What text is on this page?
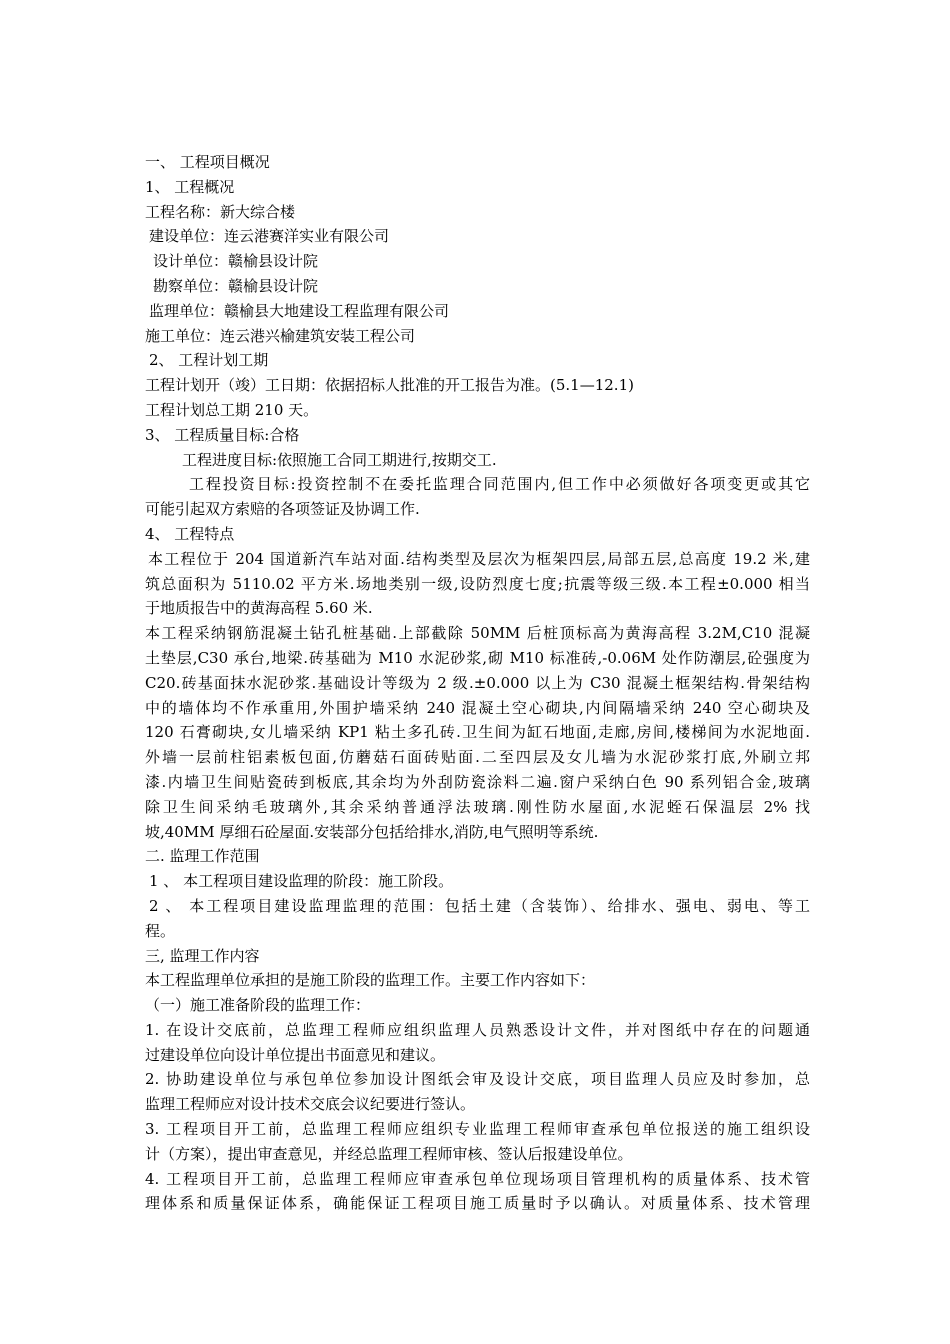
一、 工程项目概况
1、 工程概况
工程名称：新大综合楼
建设单位：连云港赛洋实业有限公司
设计单位：赣榆县设计院
勘察单位：赣榆县设计院
监理单位：赣榆县大地建设工程监理有限公司
施工单位：连云港兴榆建筑安装工程公司
2、 工程计划工期
工程计划开（竣）工日期：依据招标人批准的开工报告为准。(5.1—12.1)
工程计划总工期 210 天。
3、 工程质量目标:合格
工程进度目标:依照施工合同工期进行,按期交工.
工程投资目标:投资控制不在委托监理合同范围内,但工作中必须做好各项变更或其它
可能引起双方索赔的各项签证及协调工作.
4、 工程特点
本工程位于 204 国道新汽车站对面.结构类型及层次为框架四层,局部五层,总高度 19.2 米,建
筑总面积为 5110.02 平方米.场地类别一级,设防烈度七度;抗震等级三级.本工程±0.000 相当
于地质报告中的黄海高程 5.60 米.
本工程采纳钢筋混凝土钻孔桩基础.上部截除 50MM 后桩顶标高为黄海高程 3.2M,C10 混凝
土垫层,C30 承台,地梁.砖基础为 M10 水泥砂浆,砌 M10 标准砖,-0.06M 处作防潮层,砼强度为
C20.砖基面抹水泥砂浆.基础设计等级为 2 级.±0.000 以上为 C30 混凝土框架结构.骨架结构
中的墙体均不作承重用,外围护墙采纳 240 混凝土空心砌块,内间隔墙采纳 240 空心砌块及
120 石膏砌块,女儿墙采纳 KP1 粘土多孔砖.卫生间为缸石地面,走廊,房间,楼梯间为水泥地面.
外墙一层前柱铝素板包面,仿蘑菇石面砖贴面.二至四层及女儿墙为水泥砂浆打底,外刷立邦
漆.内墙卫生间贴瓷砖到板底,其余均为外刮防瓷涂料二遍.窗户采纳白色 90 系列铝合金,玻璃
除卫生间采纳毛玻璃外,其余采纳普通浮法玻璃.刚性防水屋面,水泥蛭石保温层 2% 找
坡,40MM 厚细石砼屋面.安装部分包括给排水,消防,电气照明等系统.
二. 监理工作范围
1 、 本工程项目建设监理的阶段：施工阶段。
2 、 本工程项目建设监理监理的范围：包括土建（含装饰）、给排水、强电、弱电、等工
程。
三, 监理工作内容
本工程监理单位承担的是施工阶段的监理工作。主要工作内容如下：
（一）施工准备阶段的监理工作：
1. 在设计交底前，总监理工程师应组织监理人员熟悉设计文件，并对图纸中存在的问题通
过建设单位向设计单位提出书面意见和建议。
2. 协助建设单位与承包单位参加设计图纸会审及设计交底，项目监理人员应及时参加，总
监理工程师应对设计技术交底会议纪要进行签认。
3. 工程项目开工前，总监理工程师应组织专业监理工程师审查承包单位报送的施工组织设
计（方案），提出审查意见，并经总监理工程师审核、签认后报建设单位。
4. 工程项目开工前，总监理工程师应审查承包单位现场项目管理机构的质量体系、技术管
理体系和质量保证体系，确能保证工程项目施工质量时予以确认。对质量体系、技术管理
